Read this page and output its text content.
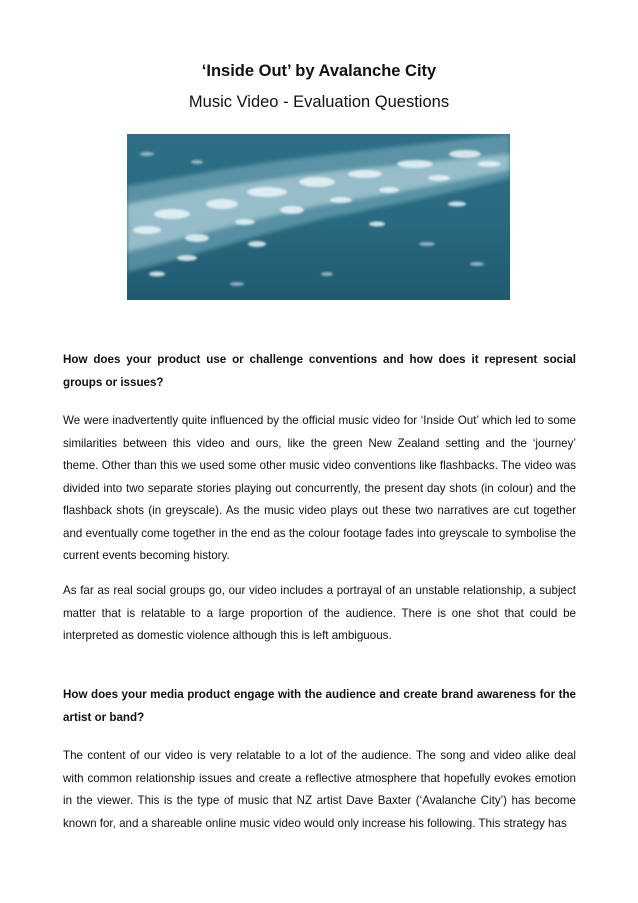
‘Inside Out’ by Avalanche City
Music Video - Evaluation Questions

How does your product use or challenge conventions and how does it represent social groups or issues?

We were inadvertently quite influenced by the official music video for ‘Inside Out’ which led to some similarities between this video and ours, like the green New Zealand setting and the ‘journey’ theme. Other than this we used some other music video conventions like flashbacks. The video was divided into two separate stories playing out concurrently, the present day shots (in colour) and the flashback shots (in greyscale). As the music video plays out these two narratives are cut together and eventually come together in the end as the colour footage fades into greyscale to symbolise the current events becoming history.

As far as real social groups go, our video includes a portrayal of an unstable relationship, a subject matter that is relatable to a large proportion of the audience. There is one shot that could be interpreted as domestic violence although this is left ambiguous.

How does your media product engage with the audience and create brand awareness for the artist or band?

The content of our video is very relatable to a lot of the audience. The song and video alike deal with common relationship issues and create a reflective atmosphere that hopefully evokes emotion in the viewer. This is the type of music that NZ artist Dave Baxter (‘Avalanche City’) has become known for, and a shareable online music video would only increase his following. This strategy has
